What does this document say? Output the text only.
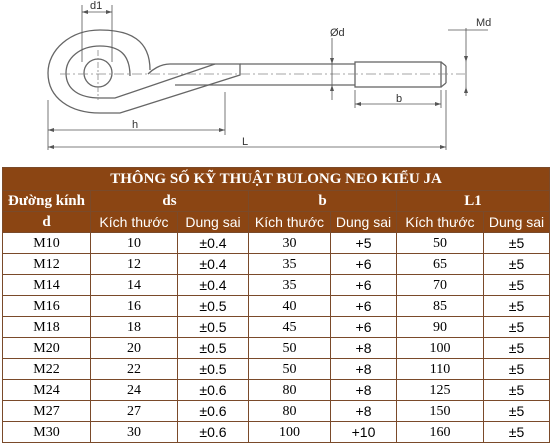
d1
Ød
Md
b
h
L
THÔNG SỐ KỸ THUẬT BULONG NEO KIỂU JA						
Đường kính	ds		b		L1	
d	Kích thước	Dung sai	Kích thước	Dung sai	Kích thước	Dung sai
M10	10	±0.4	30	+5	50	±5
M12	12	±0.4	35	+6	65	±5
M14	14	±0.4	35	+6	70	±5
M16	16	±0.5	40	+6	85	±5
M18	18	±0.5	45	+6	90	±5
M20	20	±0.5	50	+8	100	±5
M22	22	±0.5	50	+8	110	±5
M24	24	±0.6	80	+8	125	±5
M27	27	±0.6	80	+8	150	±5
M30	30	±0.6	100	+10	160	±5
